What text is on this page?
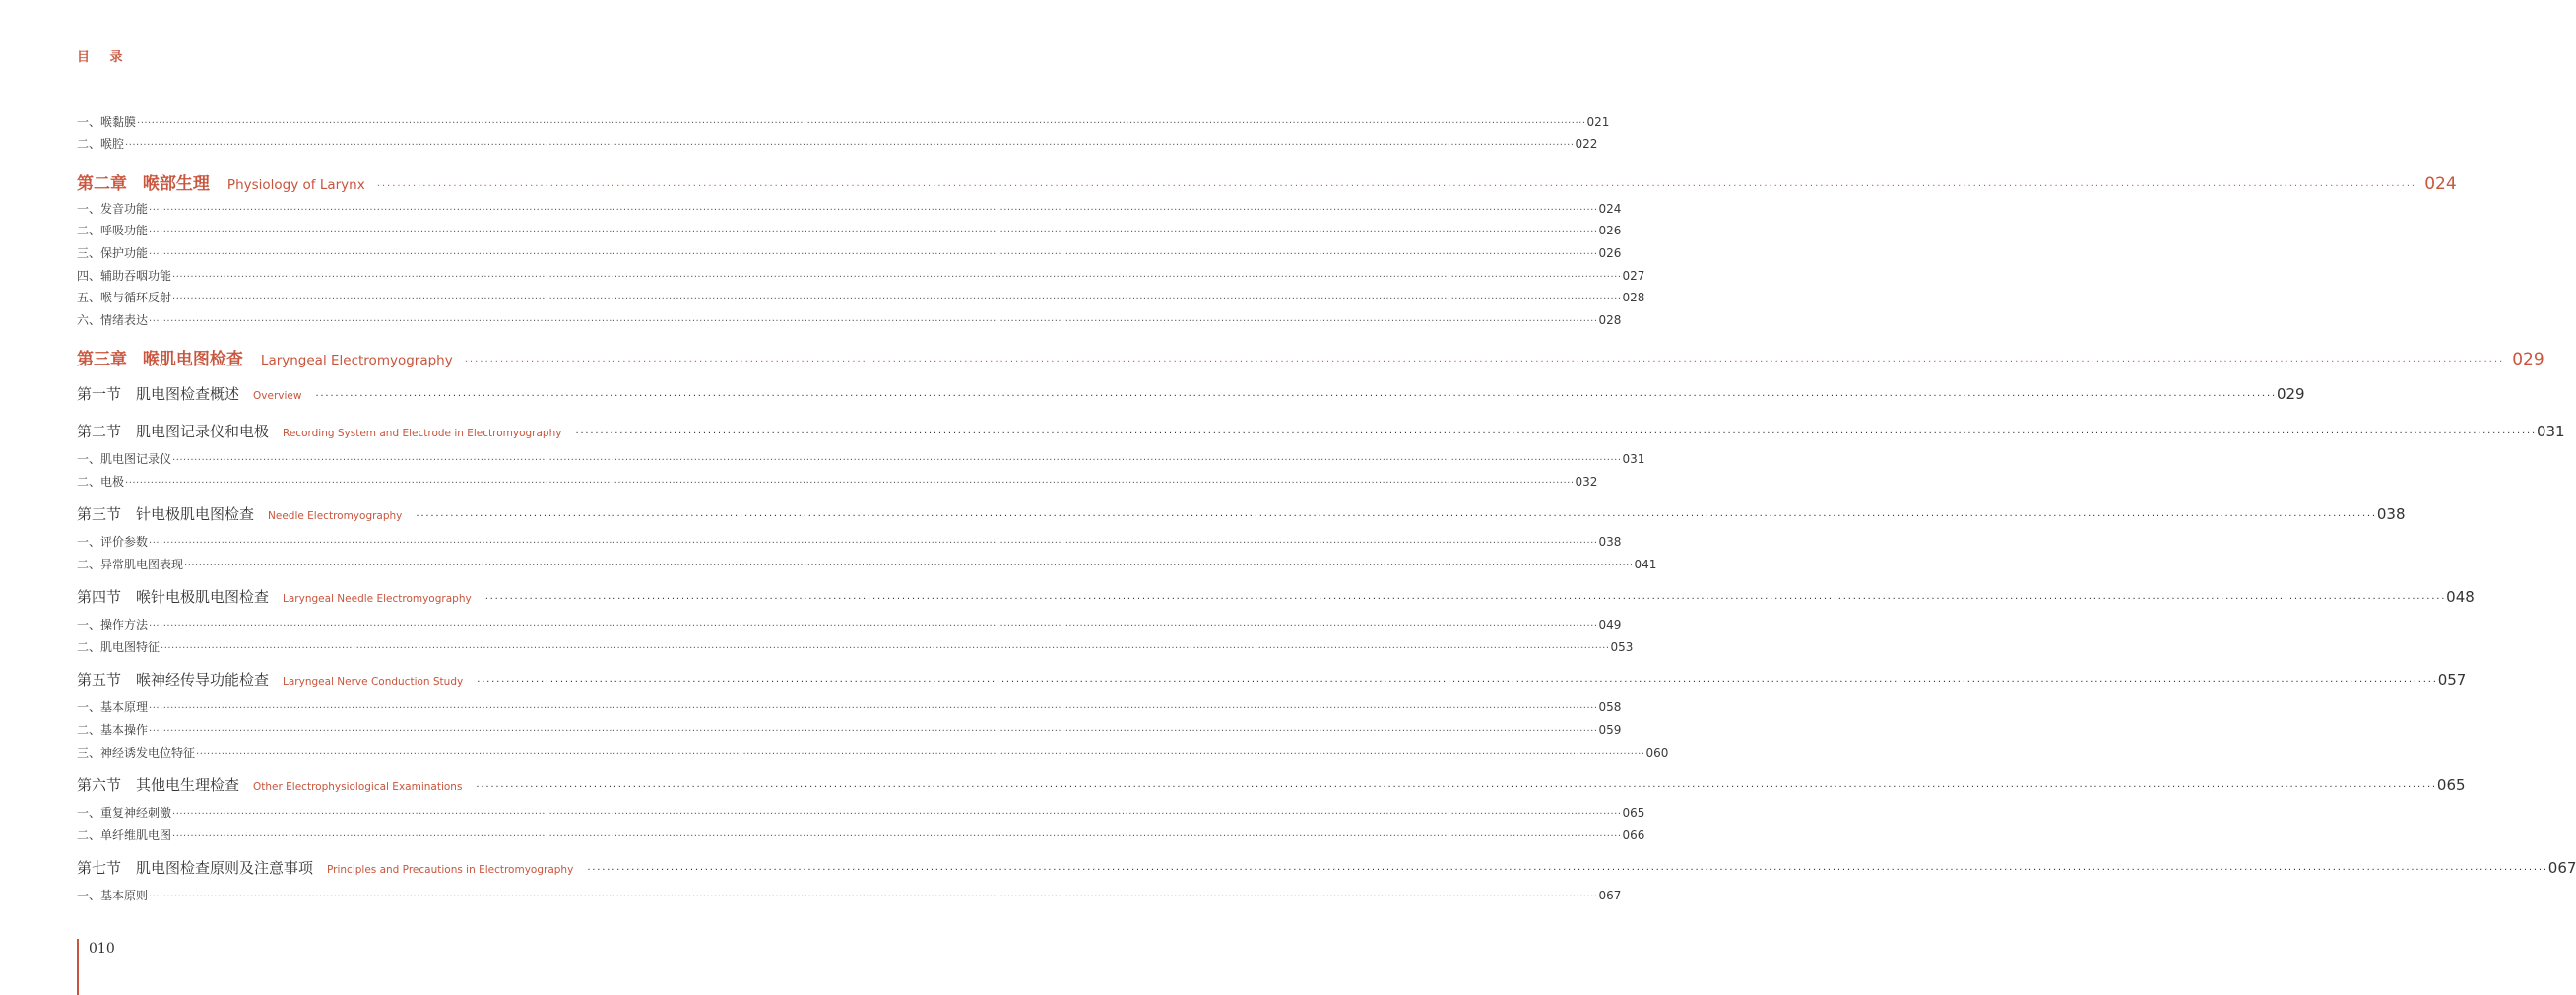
目 录
一、喉黏膜 ················································································································································································································································································································································································································ 021
二、喉腔 ················································································································································································································································································································································································································ 022
第二章 喉部生理 Physiology of Larynx ················································································································································································································································································································································································································ 024
一、发音功能 ················································································································································································································································································································································································································ 024
二、呼吸功能 ················································································································································································································································································································································································································ 026
三、保护功能 ················································································································································································································································································································································································································ 026
四、辅助吞咽功能 ················································································································································································································································································································································································································ 027
五、喉与循环反射 ················································································································································································································································································································································································································ 028
六、情绪表达 ················································································································································································································································································································································································································ 028
第三章 喉肌电图检查 Laryngeal Electromyography ················································································································································································································································································································································································································ 029
第一节　肌电图检查概述 Overview ················································································································································································································································································································································································································ 029
第二节　肌电图记录仪和电极 Recording System and Electrode in Electromyography ················································································································································································································································································································································································································ 031
一、肌电图记录仪 ················································································································································································································································································································································································································ 031
二、电极 ················································································································································································································································································································································································································ 032
第三节　针电极肌电图检查 Needle Electromyography ················································································································································································································································································································································································································ 038
一、评价参数 ················································································································································································································································································································································································································ 038
二、异常肌电图表现 ················································································································································································································································································································································································································ 041
第四节　喉针电极肌电图检查 Laryngeal Needle Electromyography ················································································································································································································································································································································································································ 048
一、操作方法 ················································································································································································································································································································································································································ 049
二、肌电图特征 ················································································································································································································································································································································································································ 053
第五节　喉神经传导功能检查 Laryngeal Nerve Conduction Study ················································································································································································································································································································································································································ 057
一、基本原理 ················································································································································································································································································································································································································ 058
二、基本操作 ················································································································································································································································································································································································································ 059
三、神经诱发电位特征 ················································································································································································································································································································································································································ 060
第六节　其他电生理检查 Other Electrophysiological Examinations ················································································································································································································································································································································································································ 065
一、重复神经刺激 ················································································································································································································································································································································································································ 065
二、单纤维肌电图 ················································································································································································································································································································································································································ 066
第七节　肌电图检查原则及注意事项 Principles and Precautions in Electromyography ················································································································································································································································································································································································································ 067
一、基本原则 ················································································································································································································································································································································································································ 067
010
